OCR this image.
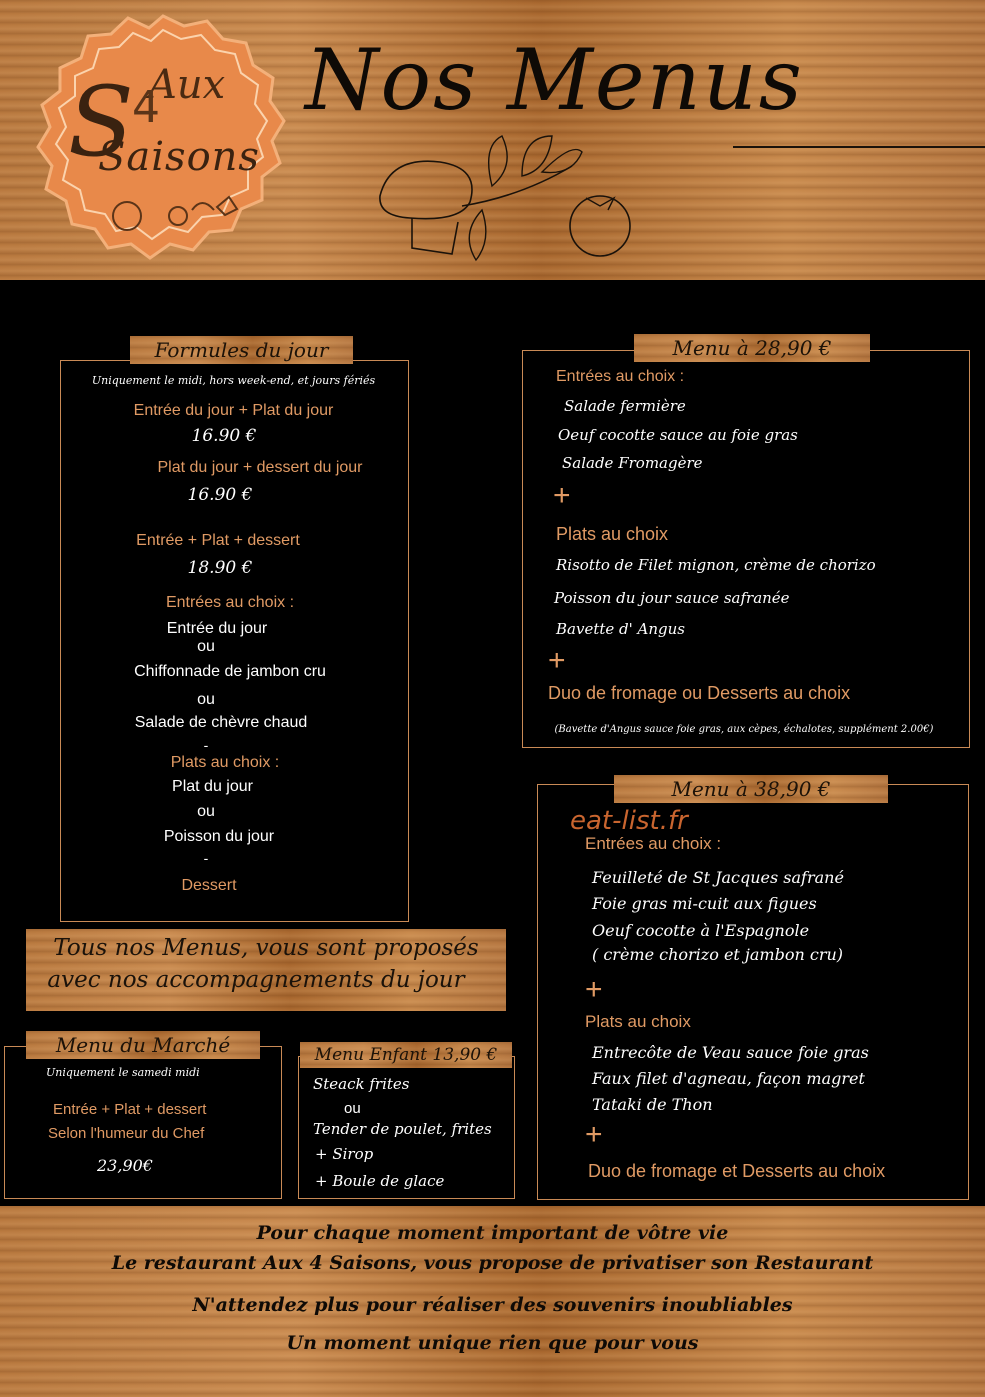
Aux
S
4
Saisons
Nos Menus
Formules du jour
Uniquement le midi, hors week-end, et jours fériés
Entrée du jour + Plat du jour
16.90 €
Plat du jour + dessert du jour
16.90 €
Entrée + Plat + dessert
18.90 €
Entrées au choix :
Entrée du jour
ou
Chiffonnade de jambon cru
ou
Salade de chèvre chaud
-
Plats au choix :
Plat du jour
ou
Poisson du jour
-
Dessert
Menu à 28,90 €
Entrées au choix :
Salade fermière
Oeuf cocotte sauce au foie gras
Salade Fromagère
+
Plats au choix
Risotto de Filet mignon, crème de chorizo
Poisson du jour sauce safranée
Bavette d' Angus
+
Duo de fromage ou Desserts au choix
(Bavette d'Angus sauce foie gras, aux cèpes, échalotes, supplément 2.00€)
Menu à 38,90 €
eat-list.fr
Entrées au choix :
Feuilleté de St Jacques safrané
Foie gras mi-cuit aux figues
Oeuf cocotte à l'Espagnole
( crème chorizo et jambon cru)
+
Plats au choix
Entrecôte de Veau sauce foie gras
Faux filet d'agneau, façon magret
Tataki de Thon
+
Duo de fromage et Desserts au choix
Tous nos Menus, vous sont proposés
avec nos accompagnements du jour
Menu du Marché
Uniquement le samedi midi
Entrée + Plat + dessert
Selon l'humeur du Chef
23,90€
Menu Enfant 13,90 €
Steack frites
ou
Tender de poulet, frites
+ Sirop
+ Boule de glace
Pour chaque moment important de vôtre vie
Le restaurant Aux 4 Saisons, vous propose de privatiser son Restaurant
N'attendez plus pour réaliser des souvenirs inoubliables
Un moment unique rien que pour vous
